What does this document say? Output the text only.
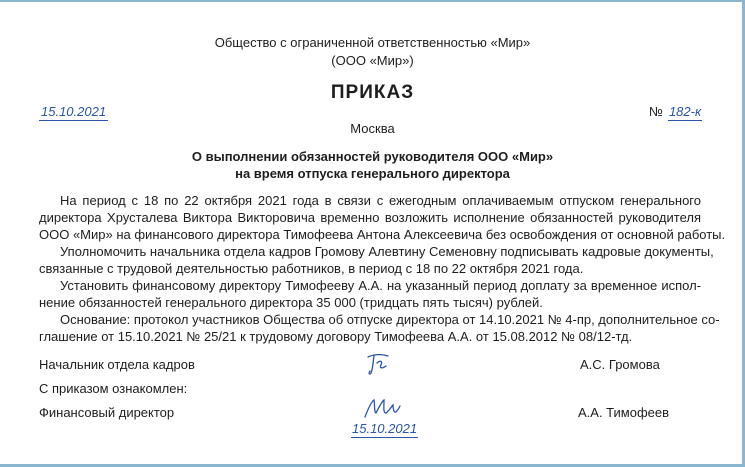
Общество с ограниченной ответственностью «Мир»
(ООО «Мир»)
ПРИКАЗ
15.10.2021	№ 182-к
Москва
О выполнении обязанностей руководителя ООО «Мир»
на время отпуска генерального директора
На период с 18 по 22 октября 2021 года в связи с ежегодным оплачиваемым отпуском генерального
директора Хрусталева Виктора Викторовича временно возложить исполнение обязанностей руководителя
ООО «Мир» на финансового директора Тимофеева Антона Алексеевича без освобождения от основной работы.
Уполномочить начальника отдела кадров Громову Алевтину Семеновну подписывать кадровые документы,
связанные с трудовой деятельностью работников, в период с 18 по 22 октября 2021 года.
Установить финансовому директору Тимофееву А.А. на указанный период доплату за временное испол-
нение обязанностей генерального директора 35 000 (тридцать пять тысяч) рублей.
Основание: протокол участников Общества об отпуске директора от 14.10.2021 № 4-пр, дополнительное со-
глашение от 15.10.2021 № 25/21 к трудовому договору Тимофеева А.А. от 15.08.2012 № 08/12-тд.
Начальник отдела кадров	А.С. Громова
С приказом ознакомлен:
Финансовый директор	А.А. Тимофеев
15.10.2021
